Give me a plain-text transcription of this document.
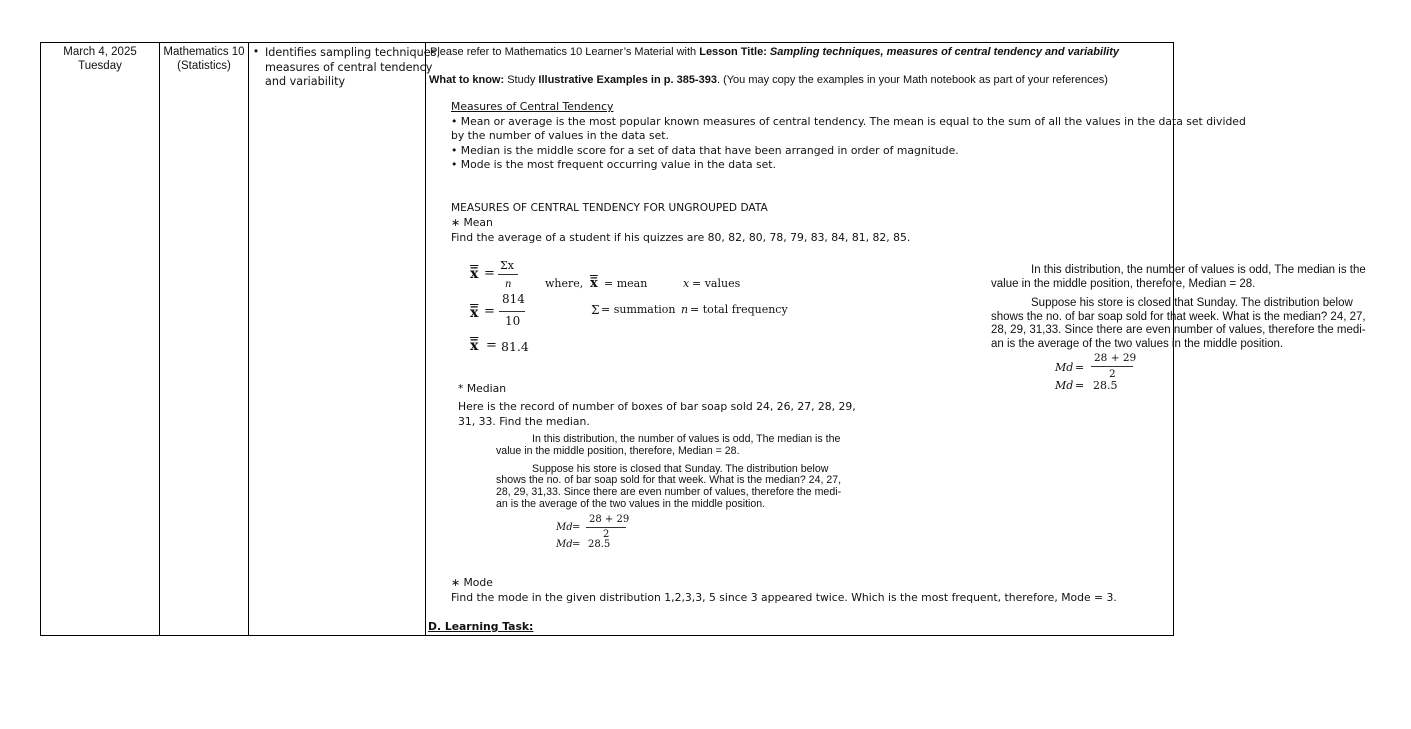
March 4, 2025
Tuesday
Mathematics 10
(Statistics)
• Identifies sampling techniques,
measures of central tendency
and variability
Please refer to Mathematics 10 Learner’s Material with Lesson Title: Sampling techniques, measures of central tendency and variability
What to know: Study Illustrative Examples in p. 385-393. (You may copy the examples in your Math notebook as part of your references)
Measures of Central Tendency
• Mean or average is the most popular known measures of central tendency. The mean is equal to the sum of all the values in the data set divided
by the number of values in the data set.
• Median is the middle score for a set of data that have been arranged in order of magnitude.
• Mode is the most frequent occurring value in the data set.
MEASURES OF CENTRAL TENDENCY FOR UNGROUPED DATA
∗ Mean
Find the average of a student if his quizzes are 80, 82, 80, 78, 79, 83, 84, 81, 82, 85.
x̅ =
Σx
n
x̅ =
814
10
x̅ = 81.4
where, x̅ = mean	x = values
Σ = summation n = total frequency
In this distribution, the number of values is odd, The median is the
value in the middle position, therefore, Median = 28.
Suppose his store is closed that Sunday. The distribution below
shows the no. of bar soap sold for that week. What is the median? 24, 27,
28, 29, 31,33. Since there are even number of values, therefore the medi-
an is the average of the two values in the middle position.
Md =
28 + 29
2
Md = 28.5
* Median
Here is the record of number of boxes of bar soap sold 24, 26, 27, 28, 29,
31, 33. Find the median.
In this distribution, the number of values is odd, The median is the
value in the middle position, therefore, Median = 28.
Suppose his store is closed that Sunday. The distribution below
shows the no. of bar soap sold for that week. What is the median? 24, 27,
28, 29, 31,33. Since there are even number of values, therefore the medi-
an is the average of the two values in the middle position.
Md =
28 + 29
2
Md = 28.5
∗ Mode
Find the mode in the given distribution 1,2,3,3, 5 since 3 appeared twice. Which is the most frequent, therefore, Mode = 3.
D. Learning Task:
